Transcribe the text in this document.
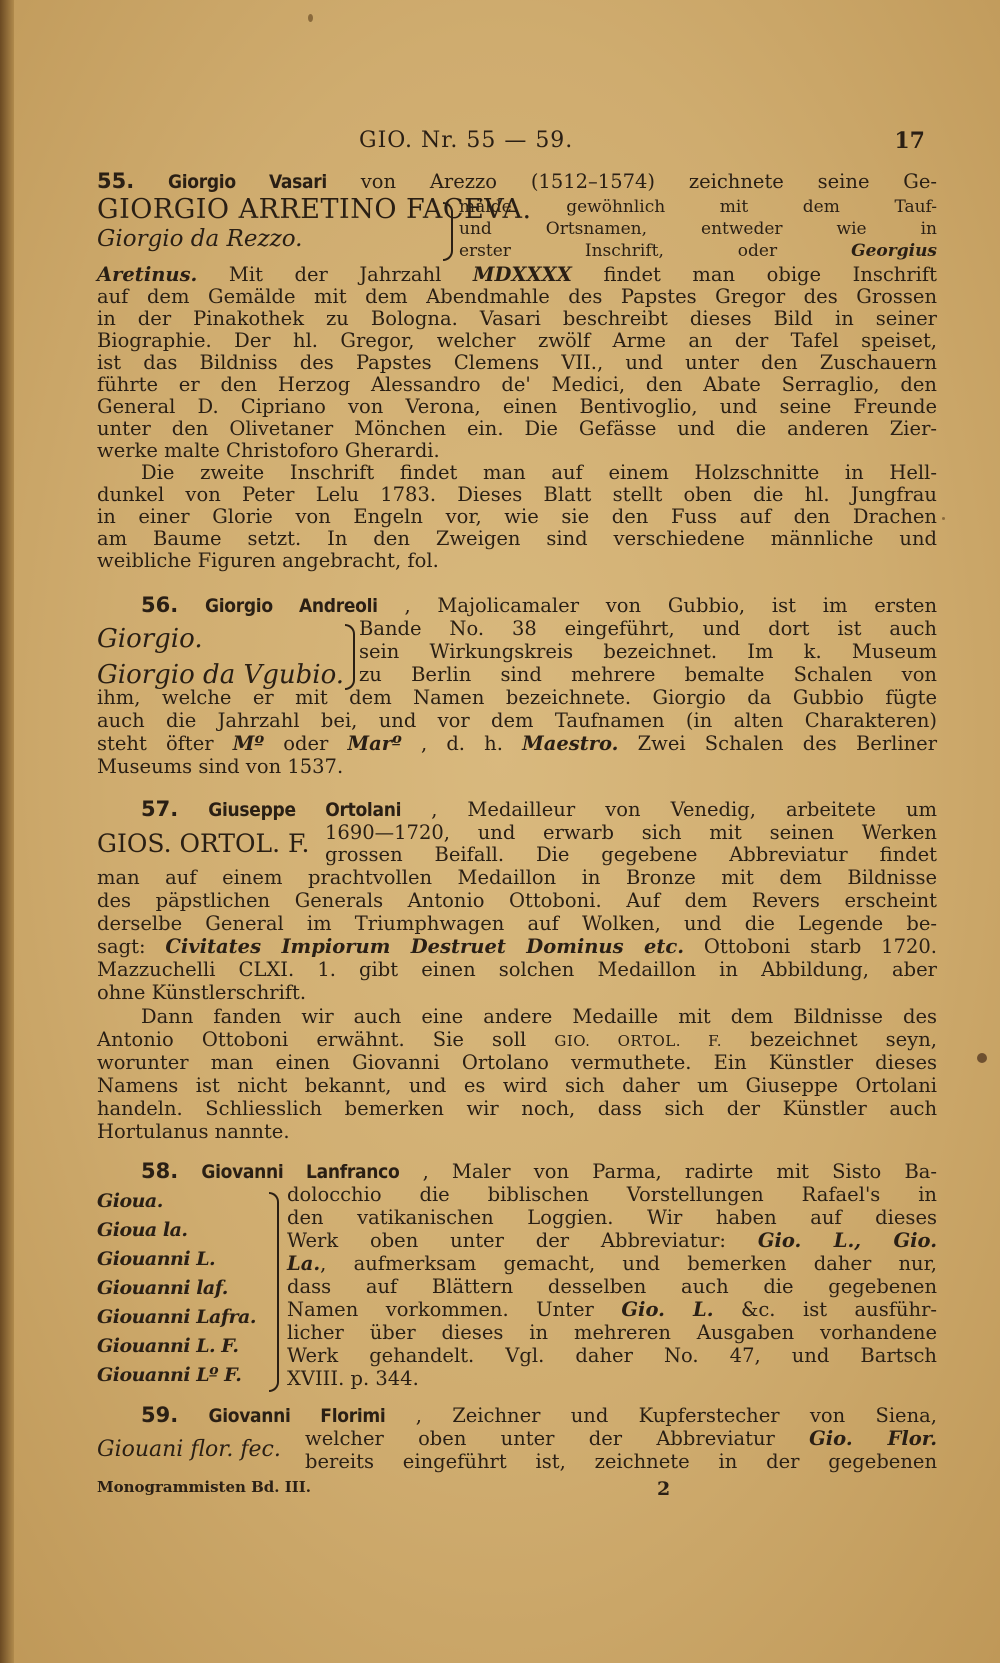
GIO. Nr. 55 — 59.	17
55. Giorgio Vasari von Arezzo (1512–1574) zeichnete seine Ge-
GIORGIO ARRETINO FACEVA.
Giorgio da Rezzo.
mälde gewöhnlich mit dem Tauf-
und Ortsnamen, entweder wie in
erster Inschrift, oder	Georgius
Aretinus. Mit der Jahrzahl MDXXXX findet man obige Inschrift
auf dem Gemälde mit dem Abendmahle des Papstes Gregor des Grossen
in der Pinakothek zu Bologna. Vasari beschreibt dieses Bild in seiner
Biographie. Der hl. Gregor, welcher zwölf Arme an der Tafel speiset,
ist das Bildniss des Papstes Clemens VII., und unter den Zuschauern
führte er den Herzog Alessandro de' Medici, den Abate Serraglio, den
General D. Cipriano von Verona, einen Bentivoglio, und seine Freunde
unter den Olivetaner Mönchen ein. Die Gefässe und die anderen Zier-
werke malte Christoforo Gherardi.
Die zweite Inschrift findet man auf einem Holzschnitte in Hell-
dunkel von Peter Lelu 1783. Dieses Blatt stellt oben die hl. Jungfrau
in einer Glorie von Engeln vor, wie sie den Fuss auf den Drachen
am Baume setzt. In den Zweigen sind verschiedene männliche und
weibliche Figuren angebracht, fol.
56. Giorgio Andreoli , Majolicamaler von Gubbio, ist im ersten
Giorgio.
Giorgio da Vgubio.
Bande No. 38 eingeführt, und dort ist auch
sein Wirkungskreis bezeichnet. Im k. Museum
zu Berlin sind mehrere bemalte Schalen von
ihm, welche er mit dem Namen bezeichnete. Giorgio da Gubbio fügte
auch die Jahrzahl bei, und vor dem Taufnamen (in alten Charakteren)
steht öfter Mº oder Marº , d. h. Maestro. Zwei Schalen des Berliner
Museums sind von 1537.
57. Giuseppe Ortolani , Medailleur von Venedig, arbeitete um
GIOS. ORTOL. F. 1690—1720, und erwarb sich mit seinen Werken
grossen Beifall. Die gegebene Abbreviatur findet
man auf einem prachtvollen Medaillon in Bronze mit dem Bildnisse
des päpstlichen Generals Antonio Ottoboni. Auf dem Revers erscheint
derselbe General im Triumphwagen auf Wolken, und die Legende be-
sagt: Civitates Impiorum Destruet Dominus etc. Ottoboni starb 1720.
Mazzuchelli CLXI. 1. gibt einen solchen Medaillon in Abbildung, aber
ohne Künstlerschrift.
Dann fanden wir auch eine andere Medaille mit dem Bildnisse des
Antonio Ottoboni erwähnt. Sie soll GIO. ORTOL. F. bezeichnet seyn,
worunter man einen Giovanni Ortolano vermuthete. Ein Künstler dieses
Namens ist nicht bekannt, und es wird sich daher um Giuseppe Ortolani
handeln. Schliesslich bemerken wir noch, dass sich der Künstler auch
Hortulanus nannte.
58. Giovanni Lanfranco , Maler von Parma, radirte mit Sisto Ba-
Gioua.
Gioua la.
Giouanni L.
Giouanni laf.
Giouanni Lafra.
Giouanni L. F.
Giouanni Lº F.
dolocchio die biblischen Vorstellungen Rafael's in
den vatikanischen Loggien. Wir haben auf dieses
Werk oben unter der Abbreviatur: Gio. L., Gio.
La., aufmerksam gemacht, und bemerken daher nur,
dass auf Blättern desselben auch die gegebenen
Namen vorkommen. Unter Gio. L. &c. ist ausführ-
licher über dieses in mehreren Ausgaben vorhandene
Werk gehandelt. Vgl. daher No. 47, und Bartsch
XVIII. p. 344.
59. Giovanni Florimi , Zeichner und Kupferstecher von Siena,
Giouani flor. fec. welcher oben unter der Abbreviatur Gio. Flor.
bereits eingeführt ist, zeichnete in der gegebenen
Monogrammisten Bd. III.	2
